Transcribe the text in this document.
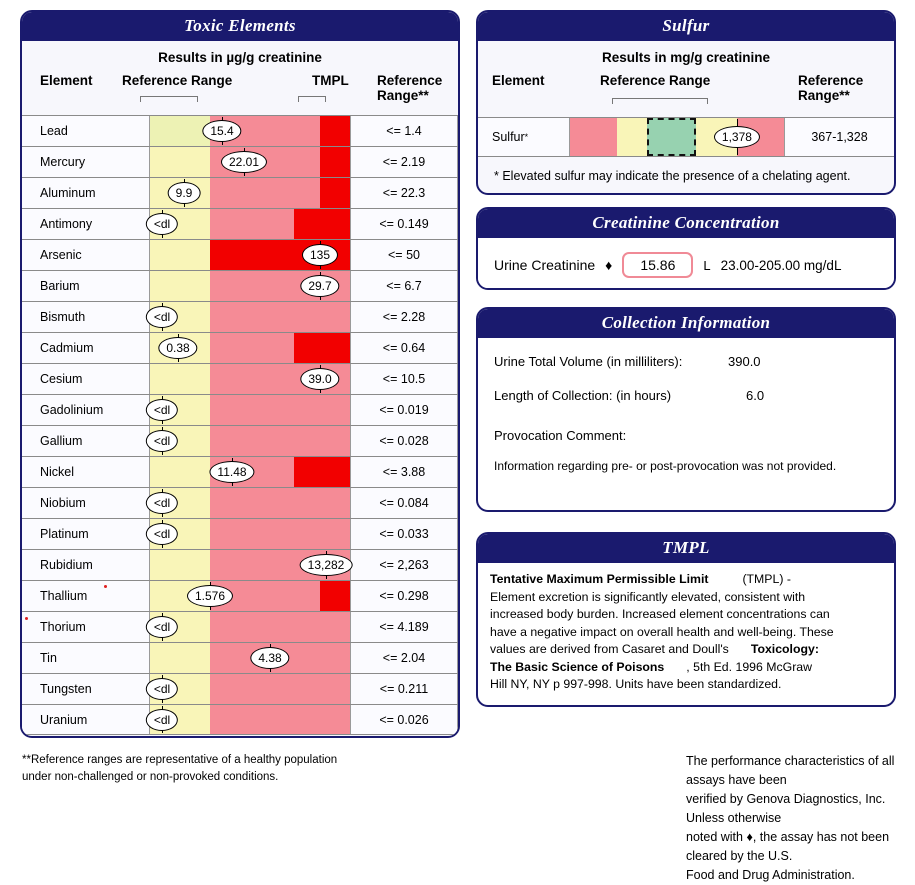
Toxic Elements
Results in µg/g creatinine
Element Reference Range	TMPL Reference
Range**
Lead	15.4	<= 1.4
Mercury	22.01	<= 2.19
Aluminum	9.9	<= 22.3
Antimony	<dl	<= 0.149
Arsenic	135	<= 50
Barium	29.7	<= 6.7
Bismuth	<dl	<= 2.28
Cadmium	0.38	<= 0.64
Cesium	39.0	<= 10.5
Gadolinium	<dl	<= 0.019
Gallium	<dl	<= 0.028
Nickel	11.48	<= 3.88
Niobium	<dl	<= 0.084
Platinum	<dl	<= 0.033
Rubidium	13,282	<= 2,263
Thallium	1.576	<= 0.298
Thorium	<dl	<= 4.189
Tin	4.38	<= 2.04
Tungsten	<dl	<= 0.211
Uranium	<dl	<= 0.026
**Reference ranges are representative of a healthy population
under non-challenged or non-provoked conditions.
Sulfur
Results in mg/g creatinine
Element	Reference Range	Reference
Range**
Sulfur *	1,378	367-1,328
* Elevated sulfur may indicate the presence of a chelating agent.
Creatinine Concentration
Urine Creatinine ♦	15.86	L 23.00-205.00 mg/dL
Collection Information
Urine Total Volume (in milliliters):	390.0
Length of Collection: (in hours)	6.0
Provocation Comment:
Information regarding pre- or post-provocation was not provided.
TMPL
Tentative Maximum Permissible Limit	(TMPL) -
Element excretion is significantly elevated, consistent with
increased body burden. Increased element concentrations can
have a negative impact on overall health and well-being. These
values are derived from Casaret and Doull's Toxicology:
The Basic Science of Poisons , 5th Ed. 1996 McGraw
Hill NY, NY p 997-998. Units have been standardized.
The performance characteristics of all assays have been
verified by Genova Diagnostics, Inc. Unless otherwise
noted with ♦, the assay has not been cleared by the U.S.
Food and Drug Administration.
